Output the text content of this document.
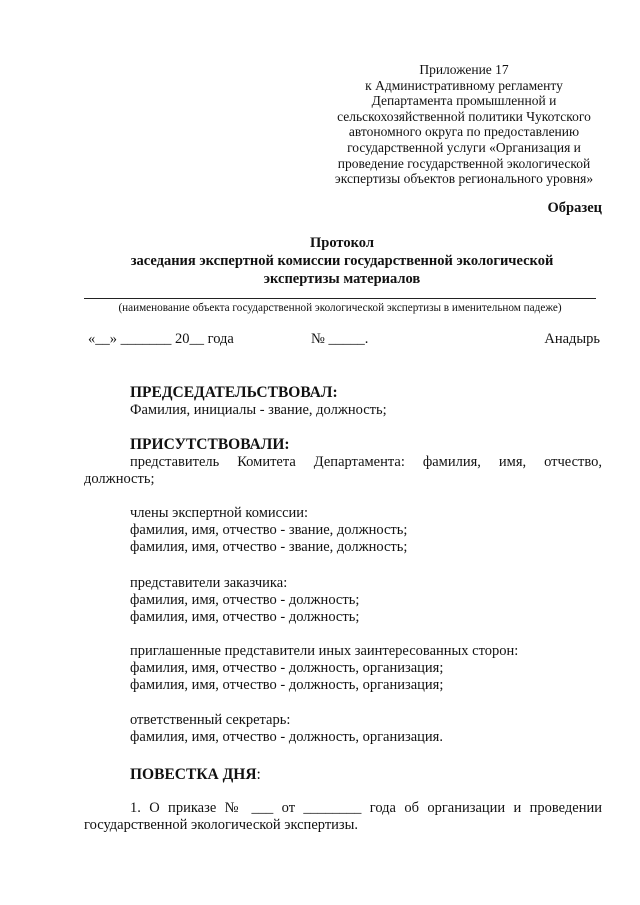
Приложение 17
к Административному регламенту
Департамента промышленной и
сельскохозяйственной политики Чукотского
автономного округа по предоставлению
государственной услуги «Организация и
проведение государственной экологической
экспертизы объектов регионального уровня»
Образец
Протокол
заседания экспертной комиссии государственной экологической
экспертизы материалов
(наименование объекта государственной экологической экспертизы в именительном падеже)
«__» _______ 20__ года	№ _____.	Анадырь
ПРЕДСЕДАТЕЛЬСТВОВАЛ:
Фамилия, инициалы - звание, должность;
ПРИСУТСТВОВАЛИ:
представитель Комитета Департамента: фамилия, имя, отчество,
должность;
члены экспертной комиссии:
фамилия, имя, отчество - звание, должность;
фамилия, имя, отчество - звание, должность;
представители заказчика:
фамилия, имя, отчество - должность;
фамилия, имя, отчество - должность;
приглашенные представители иных заинтересованных сторон:
фамилия, имя, отчество - должность, организация;
фамилия, имя, отчество - должность, организация;
ответственный секретарь:
фамилия, имя, отчество - должность, организация.
ПОВЕСТКА ДНЯ:
1. О приказе № ___ от ________ года об организации и проведении
государственной экологической экспертизы.
